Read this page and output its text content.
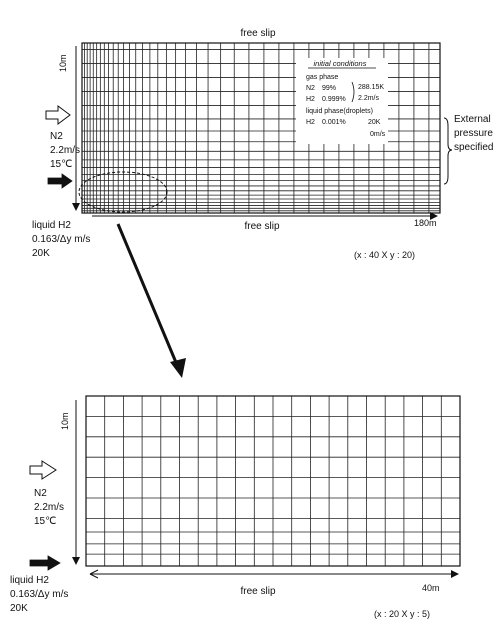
free slip
10m	initial conditions
gas phase
N2 99%
H2 0.999%
288.15K
2.2m/s
liquid phase(droplets)
H2 0.001%	20K
0m/s
External
pressure
specified
N2
2.2m/s
15℃
liquid H2
0.163/Δy m/s
20K
free slip	180m
(x : 40 X y : 20)
10m
N2
2.2m/s
15℃
liquid H2
0.163/Δy m/s
20K
free slip	40m
(x : 20 X y : 5)
